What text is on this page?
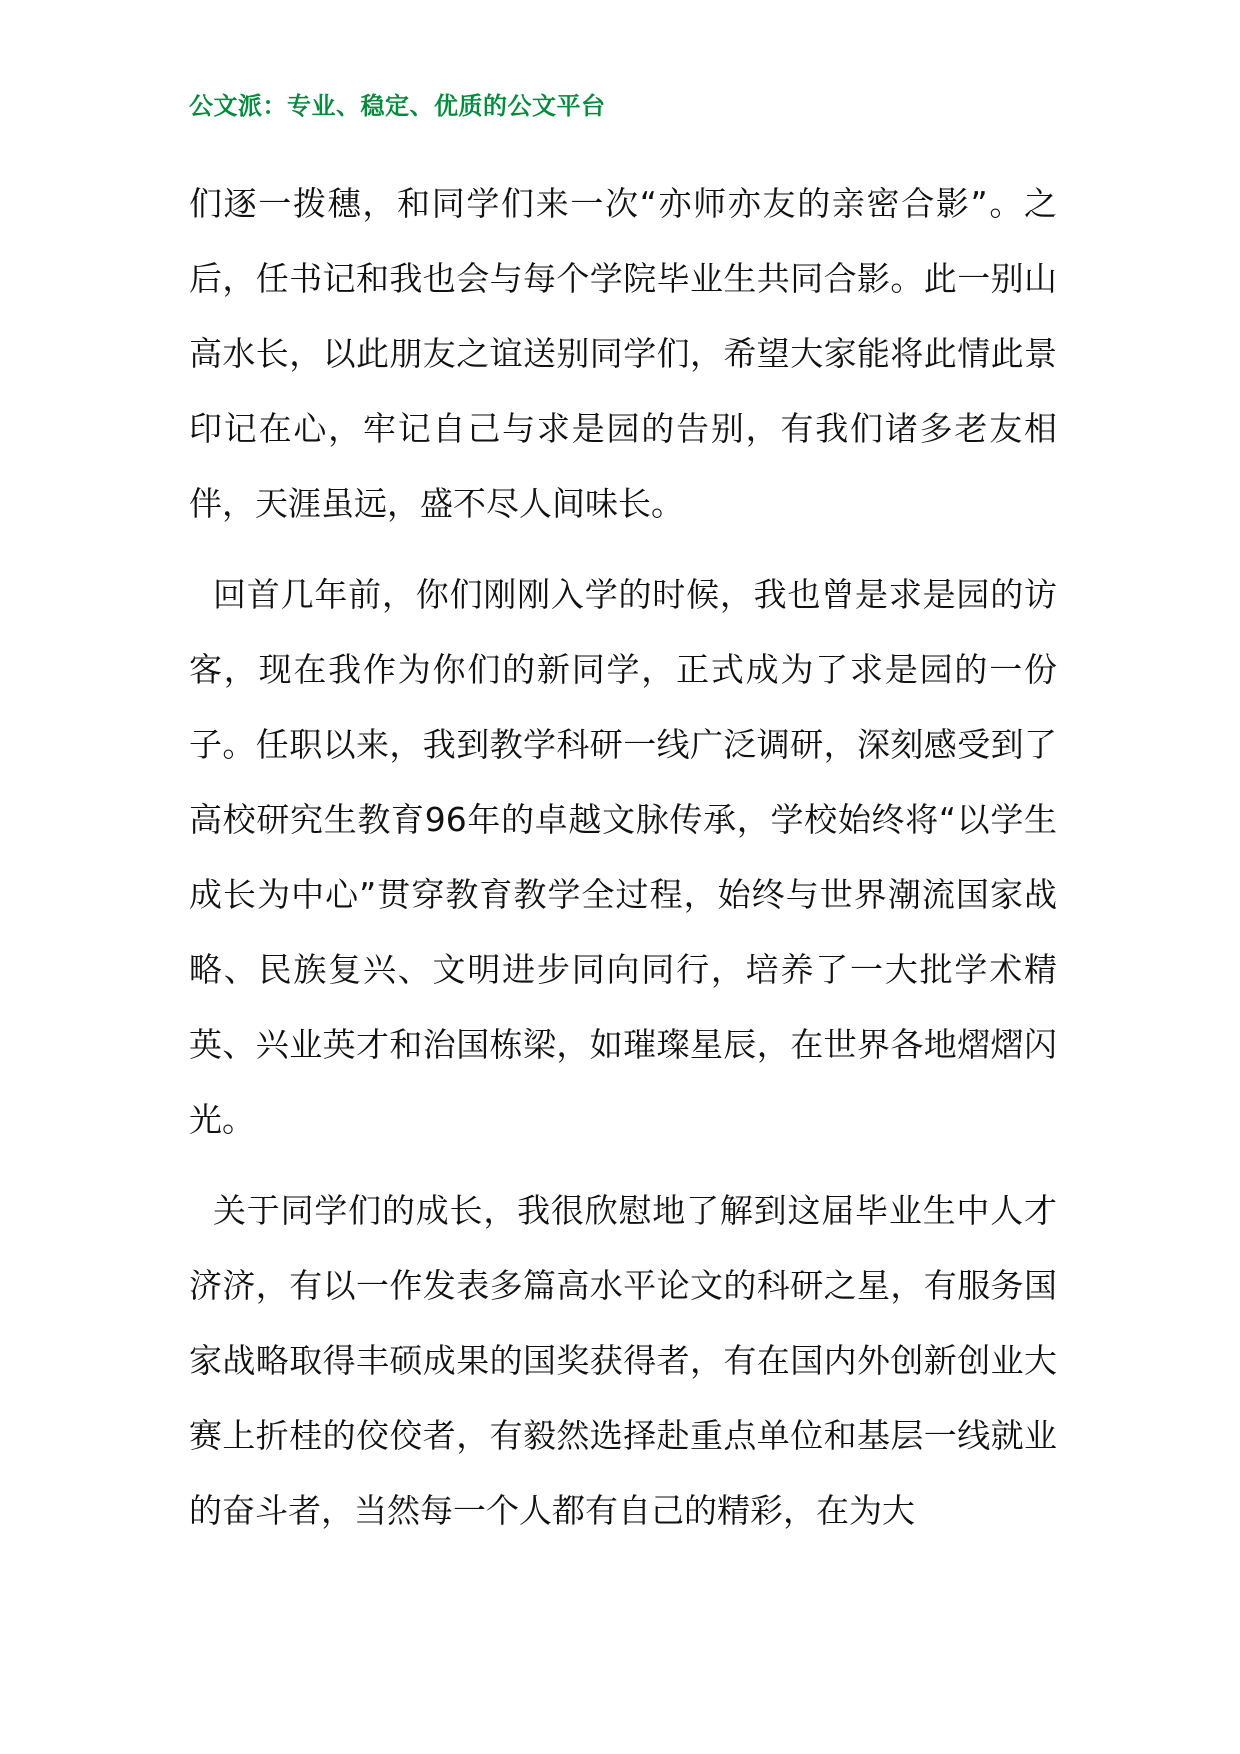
公文派：专业、稳定、优质的公文平台

们逐一拨穗，和同学们来一次“亦师亦友的亲密合影”。之后，任书记和我也会与每个学院毕业生共同合影。此一别山高水长，以此朋友之谊送别同学们，希望大家能将此情此景印记在心，牢记自己与求是园的告别，有我们诸多老友相伴，天涯虽远，盛不尽人间味长。

回首几年前，你们刚刚入学的时候，我也曾是求是园的访客，现在我作为你们的新同学，正式成为了求是园的一份子。任职以来，我到教学科研一线广泛调研，深刻感受到了高校研究生教育96年的卓越文脉传承，学校始终将“以学生成长为中心”贯穿教育教学全过程，始终与世界潮流国家战略、民族复兴、文明进步同向同行，培养了一大批学术精英、兴业英才和治国栋梁，如璀璨星辰，在世界各地熠熠闪光。

关于同学们的成长，我很欣慰地了解到这届毕业生中人才济济，有以一作发表多篇高水平论文的科研之星，有服务国家战略取得丰硕成果的国奖获得者，有在国内外创新创业大赛上折桂的佼佼者，有毅然选择赴重点单位和基层一线就业的奋斗者，当然每一个人都有自己的精彩，在为大
